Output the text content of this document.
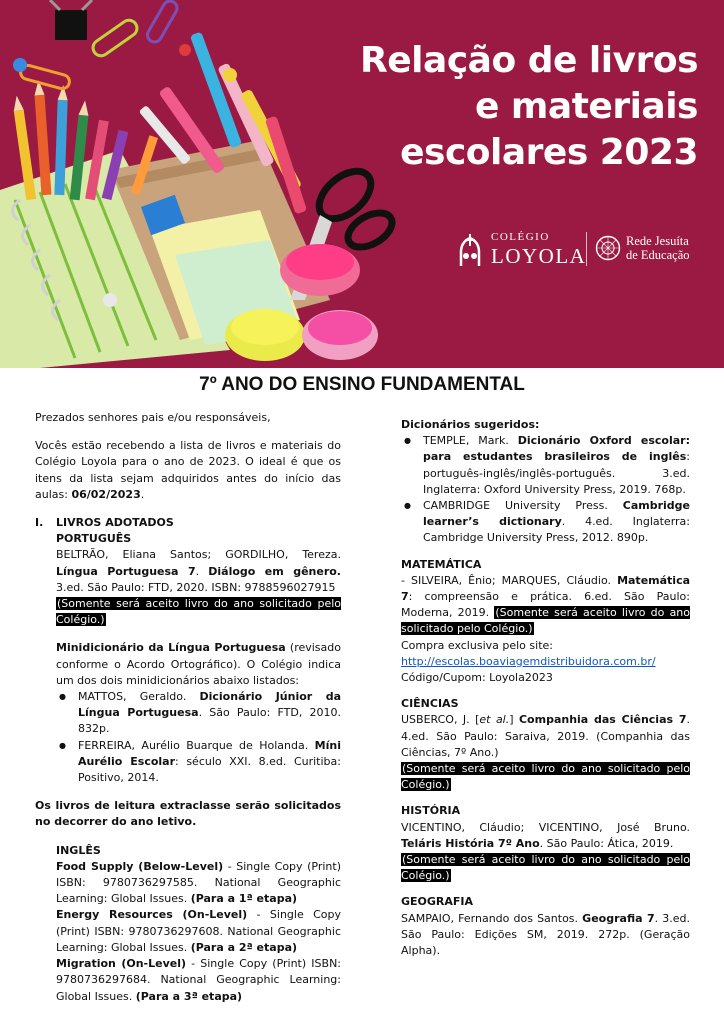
Relação de livros
e materiais
escolares 2023
COLÉGIO
LOYOLA
Rede Jesuíta
de Educação
7º ANO DO ENSINO FUNDAMENTAL

Prezados senhores pais e/ou responsáveis,

Vocês estão recebendo a lista de livros e materiais do Colégio Loyola para o ano de 2023. O ideal é que os itens da lista sejam adquiridos antes do início das aulas: 06/02/2023.

I. LIVROS ADOTADOS

PORTUGUÊS

BELTRÃO, Eliana Santos; GORDILHO, Tereza. Língua Portuguesa 7. Diálogo em gênero. 3.ed. São Paulo: FTD, 2020. ISBN: 9788596027915

(Somente será aceito livro do ano solicitado pelo Colégio.)

Minidicionário da Língua Portuguesa (revisado conforme o Acordo Ortográfico). O Colégio indica um dos dois minidicionários abaixo listados:

● MATTOS, Geraldo. Dicionário Júnior da Língua Portuguesa. São Paulo: FTD, 2010. 832p.
● FERREIRA, Aurélio Buarque de Holanda. Míni Aurélio Escolar: século XXI. 8.ed. Curitiba: Positivo, 2014.

Os livros de leitura extraclasse serão solicitados no decorrer do ano letivo.

INGLÊS

Food Supply (Below-Level) - Single Copy (Print) ISBN: 9780736297585. National Geographic Learning: Global Issues. (Para a 1ª etapa)

Energy Resources (On-Level) - Single Copy (Print) ISBN: 9780736297608. National Geographic Learning: Global Issues. (Para a 2ª etapa)

Migration (On-Level) - Single Copy (Print) ISBN: 9780736297684. National Geographic Learning: Global Issues. (Para a 3ª etapa)

Dicionários sugeridos:

● TEMPLE, Mark. Dicionário Oxford escolar: para estudantes brasileiros de inglês: português-inglês/inglês-português. 3.ed. Inglaterra: Oxford University Press, 2019. 768p.
● CAMBRIDGE University Press. Cambridge learner’s dictionary. 4.ed. Inglaterra: Cambridge University Press, 2012. 890p.

MATEMÁTICA

- SILVEIRA, Ênio; MARQUES, Cláudio. Matemática 7: compreensão e prática. 6.ed. São Paulo: Moderna, 2019. (Somente será aceito livro do ano solicitado pelo Colégio.)

Compra exclusiva pelo site:

http://escolas.boaviagemdistribuidora.com.br/

Código/Cupom: Loyola2023

CIÊNCIAS

USBERCO, J. [et al.] Companhia das Ciências 7. 4.ed. São Paulo: Saraiva, 2019. (Companhia das Ciências, 7º Ano.)

(Somente será aceito livro do ano solicitado pelo Colégio.)

HISTÓRIA

VICENTINO, Cláudio; VICENTINO, José Bruno. Teláris História 7º Ano. São Paulo: Ática, 2019.

(Somente será aceito livro do ano solicitado pelo Colégio.)

GEOGRAFIA

SAMPAIO, Fernando dos Santos. Geografia 7. 3.ed. São Paulo: Edições SM, 2019. 272p. (Geração Alpha).
